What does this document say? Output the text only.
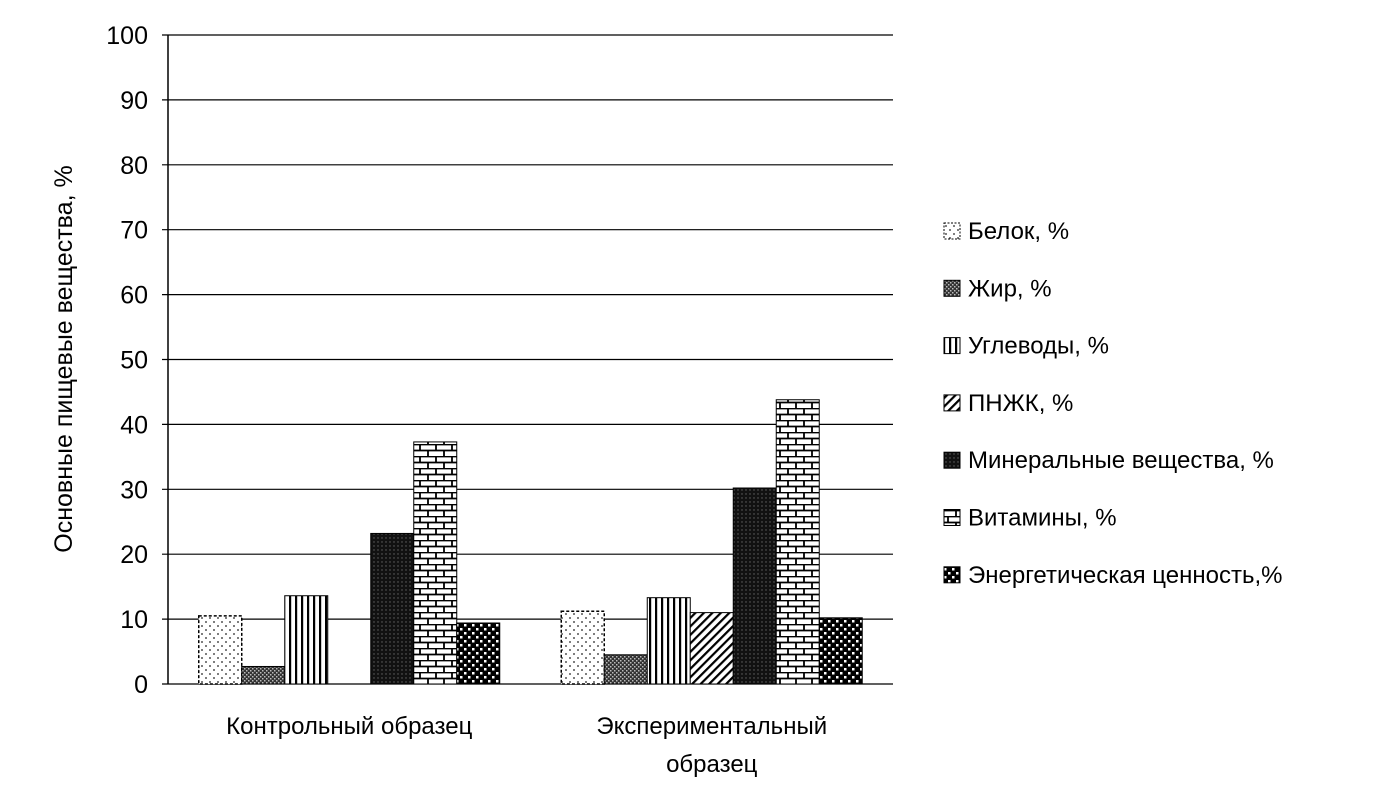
0
10
20
30
40
50
60
70
80
90
100
Контрольный образец	Экспериментальный образец
Основные пищевые вещества, %	Белок, %
Жир, %
Углеводы, %
ПНЖК, %
Минеральные вещества, %
Витамины, %
Энергетическая ценность,%
